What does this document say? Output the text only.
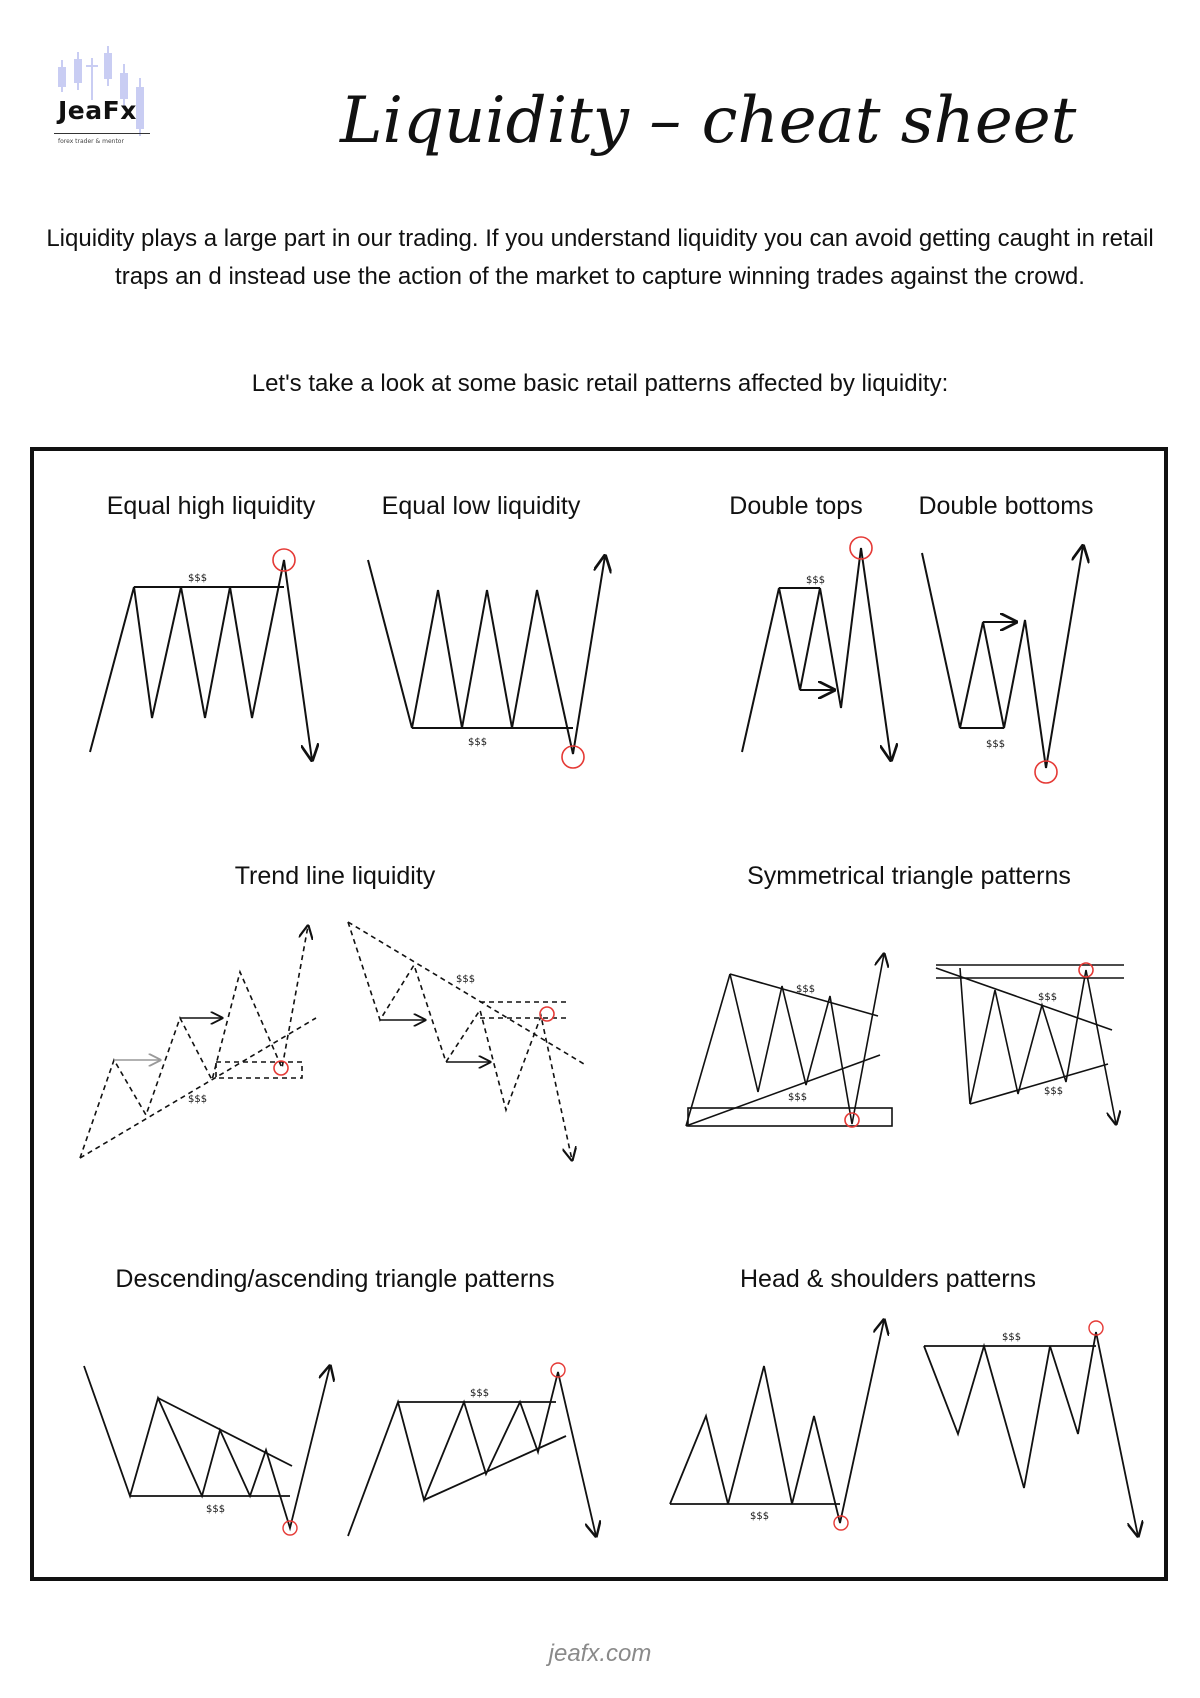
JeaFx
forex trader & mentor	Liquidity – cheat sheet
Liquidity plays a large part in our trading. If you understand liquidity you can avoid getting caught in retail traps an d instead use the action of the market to capture winning trades against the crowd.
Let's take a look at some basic retail patterns affected by liquidity:
Equal high liquidity	Equal low liquidity	Double tops Double bottoms
Trend line liquidity	Symmetrical triangle patterns
Descending/ascending triangle patterns	Head & shoulders patterns
$$$
$$$
$$$
$$$
$$$
$$$
$$$
$$$
$$$
$$$
$$$
$$$
$$$
$$$
jeafx.com
